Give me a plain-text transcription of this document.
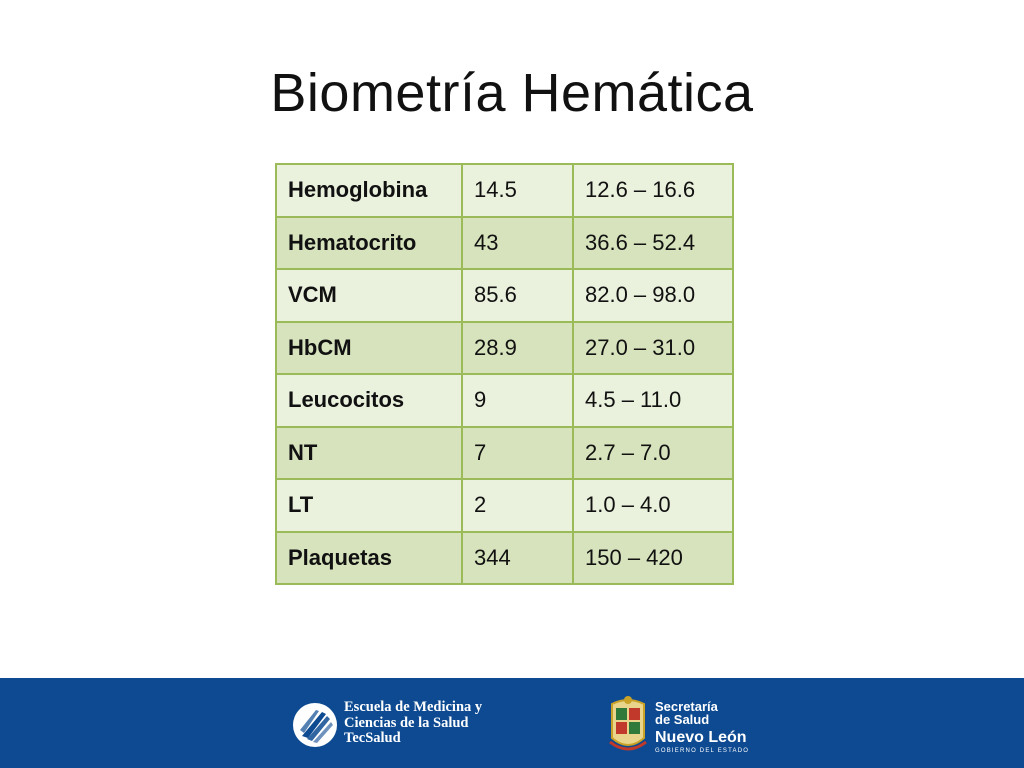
Biometría Hemática
Hemoglobina	14.5	12.6 – 16.6
Hematocrito	43	36.6 – 52.4
VCM	85.6	82.0 – 98.0
HbCM	28.9	27.0 – 31.0
Leucocitos	9	4.5 – 11.0
NT	7	2.7 – 7.0
LT	2	1.0 – 4.0
Plaquetas	344	150 – 420
Escuela de Medicina y
Ciencias de la Salud
TecSalud
Secretaría
de Salud
Nuevo León
GOBIERNO DEL ESTADO
